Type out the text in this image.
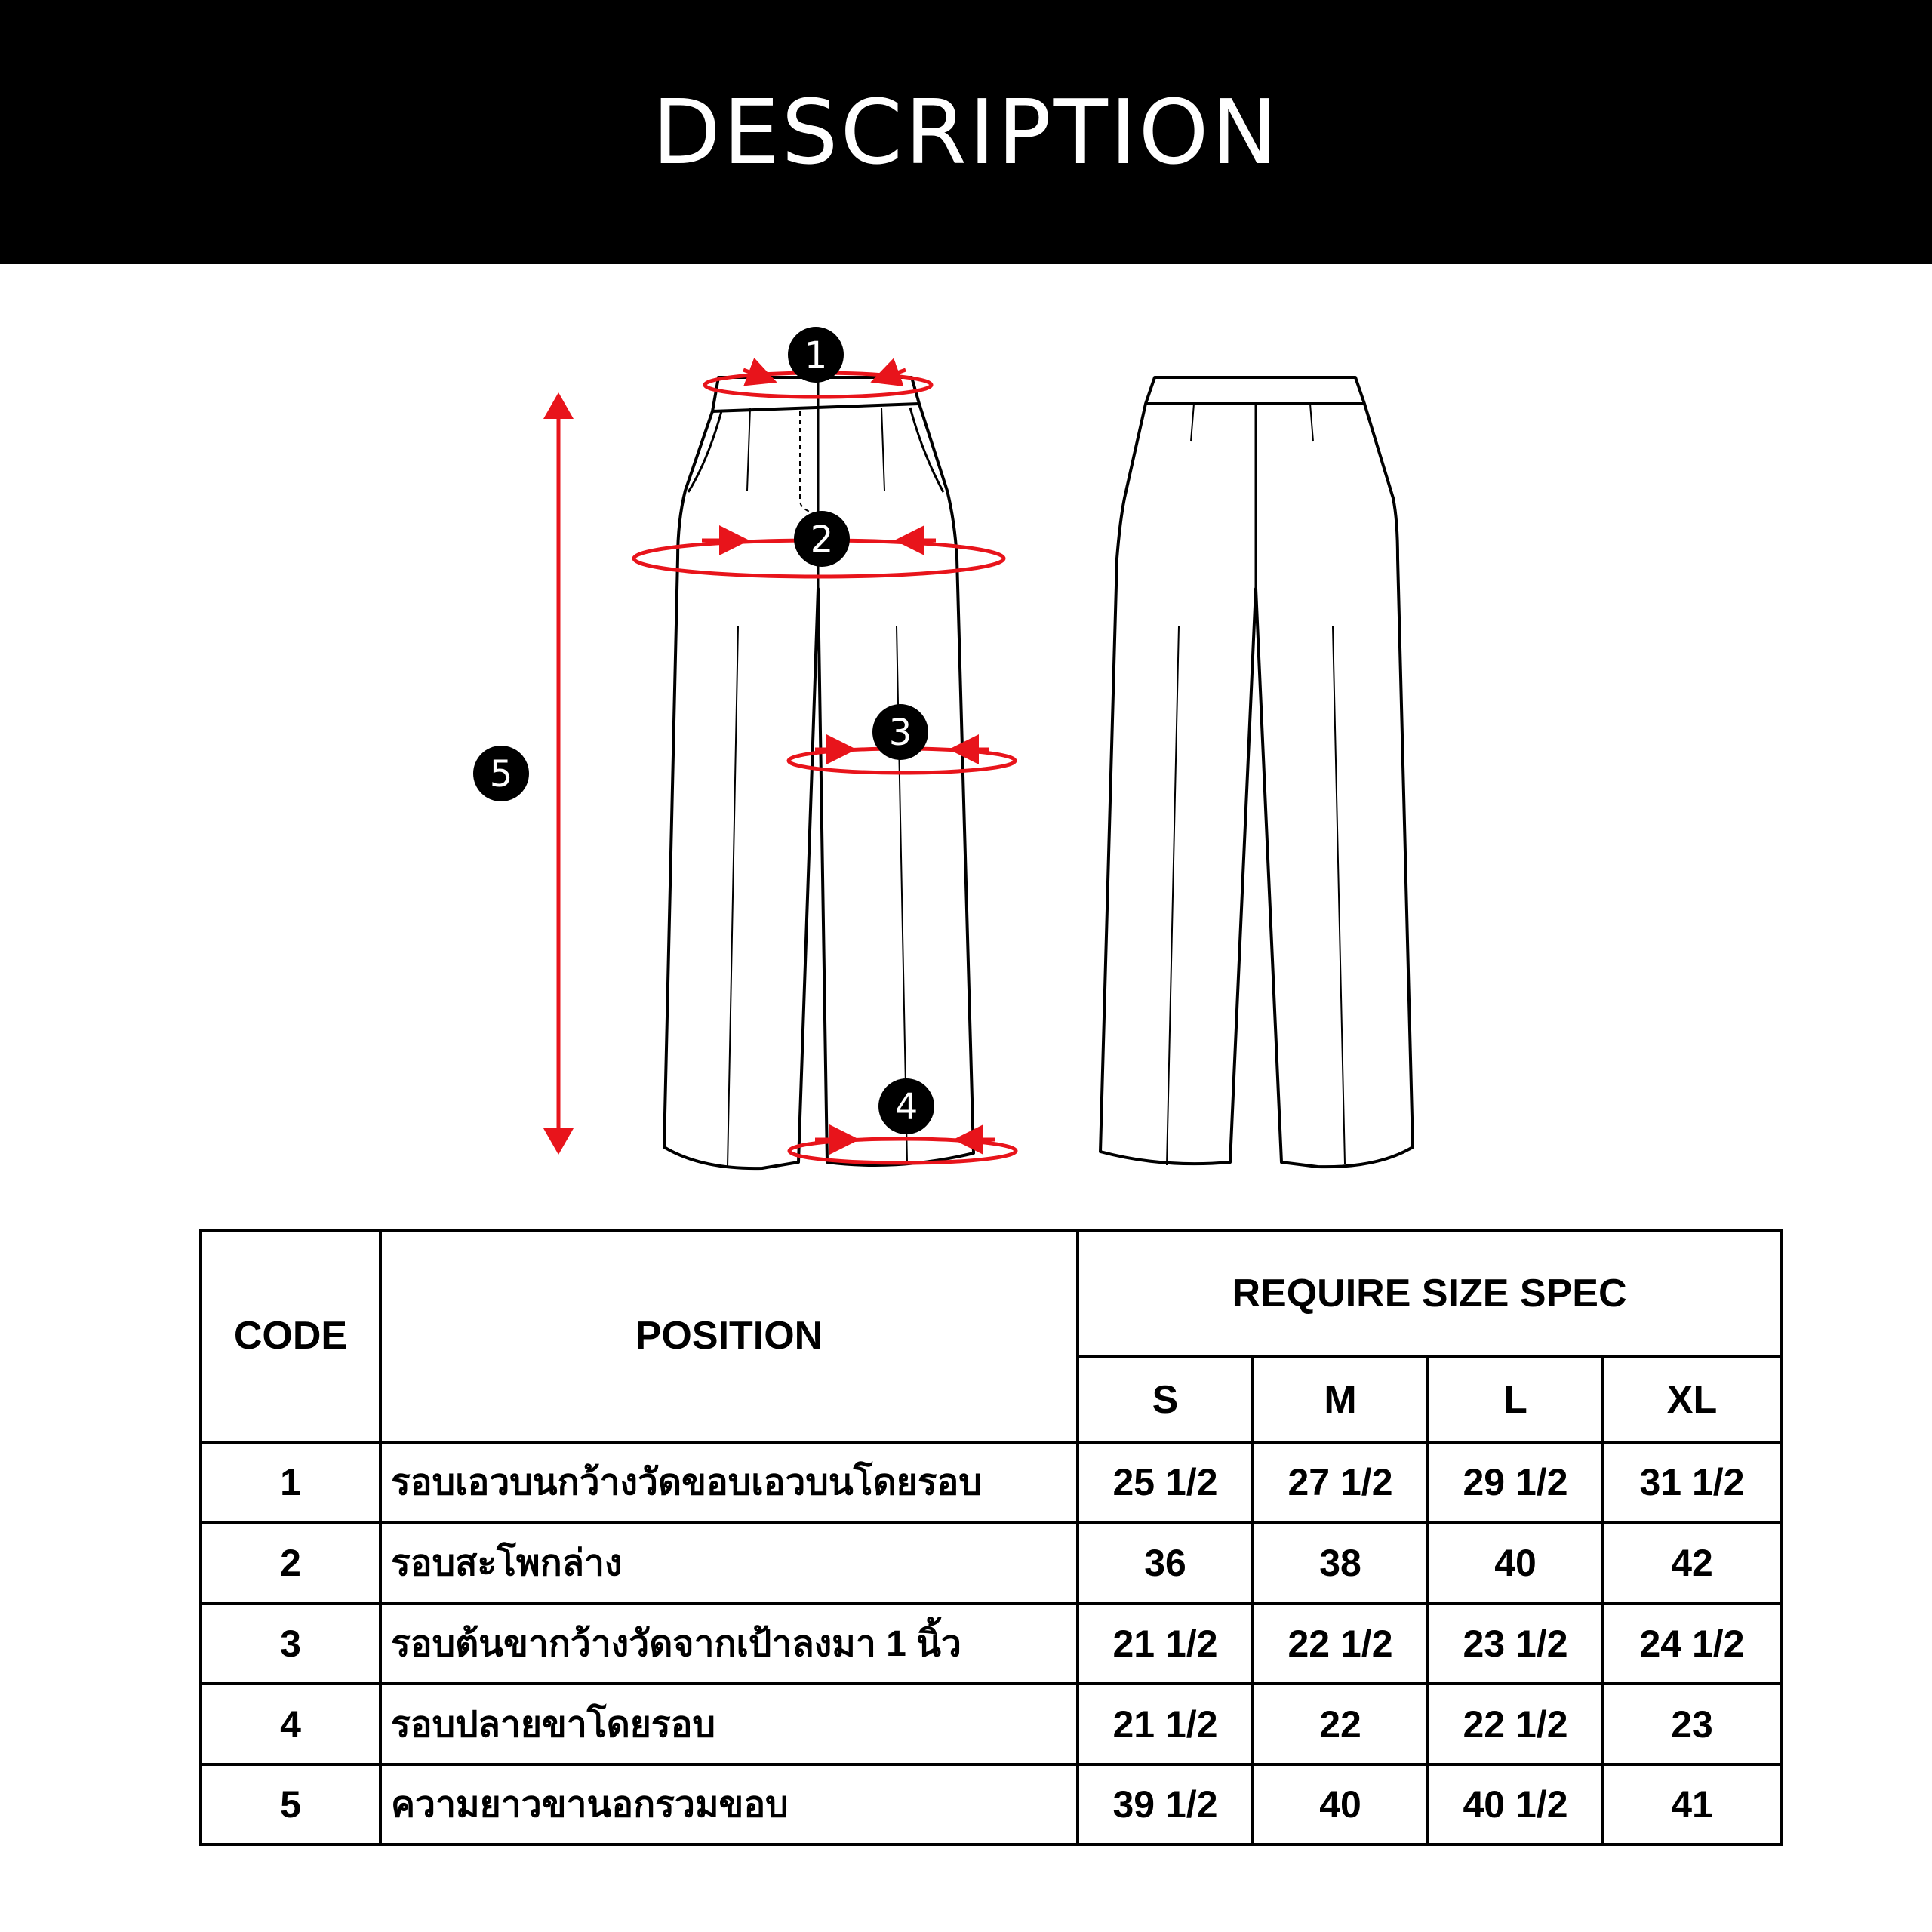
DESCRIPTION
1
2
3
4
5
CODE	POSITION	REQUIRE SIZE SPEC			
		S	M	L	XL
1	รอบเอวบนกว้างวัดขอบเอวบนโดยรอบ	25 1/2	27 1/2	29 1/2	31 1/2
2	รอบสะโพกล่าง	36	38	40	42
3	รอบต้นขากว้างวัดจากเป้าลงมา 1 นิ้ว	21 1/2	22 1/2	23 1/2	24 1/2
4	รอบปลายขาโดยรอบ	21 1/2	22	22 1/2	23
5	ความยาวขานอกรวมขอบ	39 1/2	40	40 1/2	41
